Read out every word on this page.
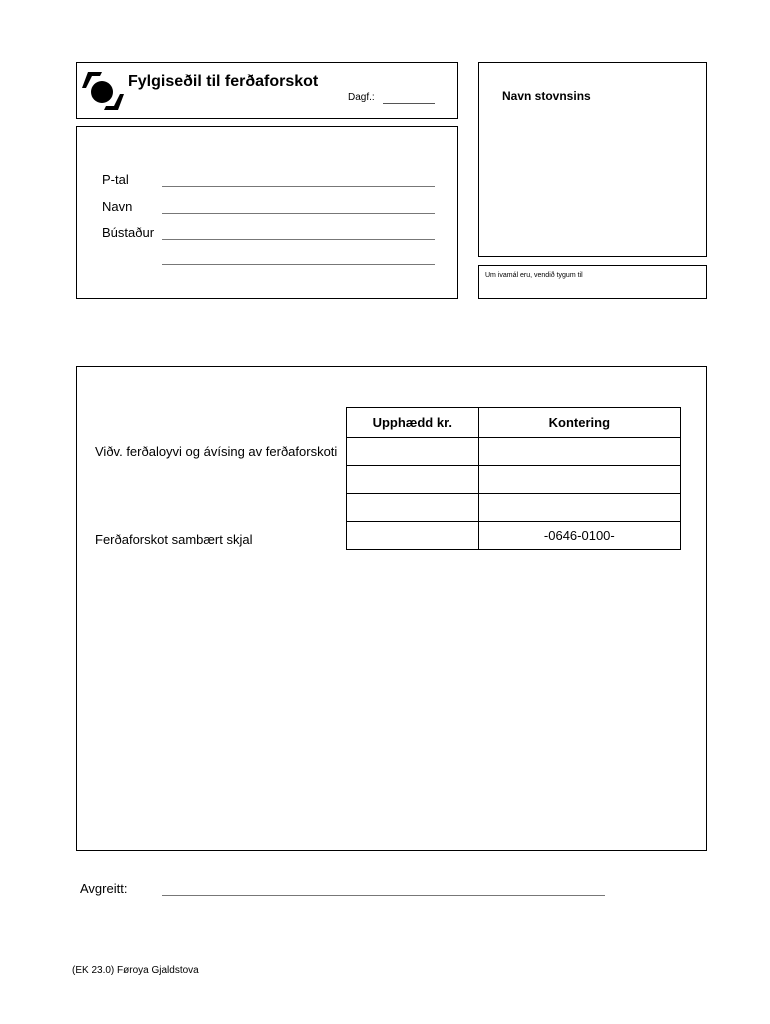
Fylgiseðil til ferðaforskot
Dagf.:	Navn stovnsins
Um ivamál eru, vendið tygum til
P-tal
Navn
Bústaður
Viðv. ferðaloyvi og ávísing av ferðaforskoti
Ferðaforskot sambært skjal
Upphædd kr.	Kontering

	-0646-0100-
Avgreitt:
(EK 23.0) Føroya Gjaldstova
